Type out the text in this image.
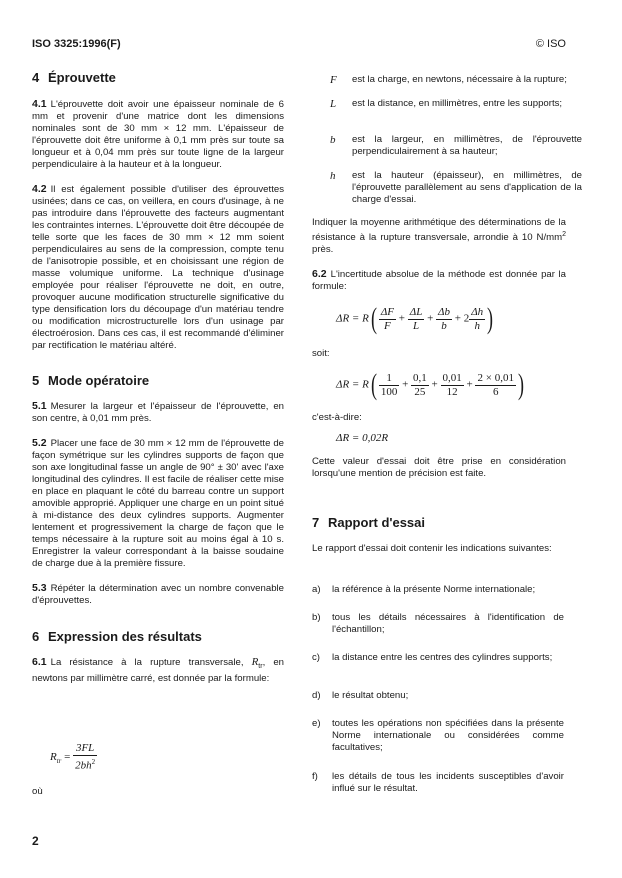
ISO 3325:1996(F)	© ISO
4 Éprouvette

4.1 L'éprouvette doit avoir une épaisseur nominale de 6 mm et provenir d'une matrice dont les dimensions nominales sont de 30 mm × 12 mm. L'épaisseur de l'éprouvette doit être uniforme à 0,1 mm près sur toute sa longueur et à 0,04 mm près sur toute ligne de la largeur perpendiculaire à la hauteur et à la longueur.

4.2 Il est également possible d'utiliser des éprouvettes usinées; dans ce cas, on veillera, en cours d'usinage, à ne pas introduire dans l'éprouvette des facteurs augmentant les contraintes internes. L'éprouvette doit être découpée de telle sorte que les faces de 30 mm × 12 mm soient perpendiculaires au sens de la compression, compte tenu de l'anisotropie possible, et en choisissant une région de masse volumique uniforme. La technique d'usinage employée pour réaliser l'éprouvette ne doit, en outre, provoquer aucune modification structurelle significative du type densification lors du découpage d'un matériau tendre ou modification microstructurelle lors d'un usinage par électroérosion. Dans ces cas, il est recommandé d'éliminer par rectification le matériau altéré.

5 Mode opératoire

5.1 Mesurer la largeur et l'épaisseur de l'éprouvette, en son centre, à 0,01 mm près.

5.2 Placer une face de 30 mm × 12 mm de l'éprouvette de façon symétrique sur les cylindres supports de façon que son axe longitudinal fasse un angle de 90° ± 30' avec l'axe longitudinal des cylindres. Il est facile de réaliser cette mise en place en plaquant le côté du barreau contre un support amovible approprié. Appliquer une charge en un point situé à mi-distance des deux cylindres supports. Augmenter lentement et progressivement la charge de façon que le temps nécessaire à la rupture soit au moins égal à 10 s. Enregistrer la valeur correspondant à la baisse soudaine de charge due à la première fissure.

5.3 Répéter la détermination avec un nombre convenable d'éprouvettes.

6 Expression des résultats

6.1 La résistance à la rupture transversale, $R_{tr}$, en newtons par millimètre carré, est donnée par la formule:

$R_{tr} = \frac{3FL}{2bh^2}$
où
2
F	est la charge, en newtons, nécessaire à la rupture;
L	est la distance, en millimètres, entre les supports;
b	est la largeur, en millimètres, de l'éprouvette perpendiculairement à sa hauteur;
h	est la hauteur (épaisseur), en millimètres, de l'éprouvette parallèlement au sens d'application de la charge d'essai.
Indiquer la moyenne arithmétique des déterminations de la résistance à la rupture transversale, arrondie à 10 $N/mm^2$ près.
6.2 L'incertitude absolue de la méthode est donnée par la formule:
$\Delta R = R( \frac{\Delta F}{F} + \frac{\Delta L}{L} + \frac{\Delta b}{b} + 2 \frac{\Delta h}{h}$ )
soit:
$\Delta R = R( \frac{1}{100} + \frac{0,1}{25} + \frac{0,01}{12} + \frac{2 \times 0,01}{6}$ )
c'est-à-dire:
ΔR = 0,02R
Cette valeur d'essai doit être prise en considération lorsqu'une mention de précision est faite.
7 Rapport d'essai
Le rapport d'essai doit contenir les indications suivantes:
a) la référence à la présente Norme internationale;
b) tous les détails nécessaires à l'identification de l'échantillon;
c) la distance entre les centres des cylindres supports;
d) le résultat obtenu;
e) toutes les opérations non spécifiées dans la présente Norme internationale ou considérées comme facultatives;
f) les détails de tous les incidents susceptibles d'avoir influé sur le résultat.
